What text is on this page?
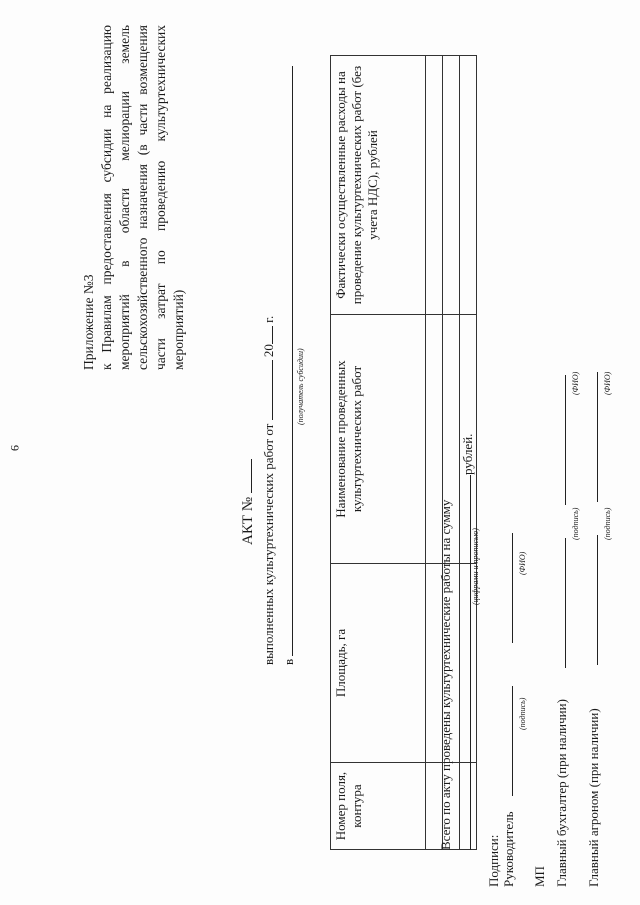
9
Приложение №3 к Правилам предоставления субсидии на реализацию мероприятий в области мелиорации земель сельскохозяйственного назначения (в части возмещения части затрат по проведению культуртехнических мероприятий)
АКТ № выполненных культуртехнических работ от  20 г.
в
(получатель субсидии)
Номер поля, контура	Площадь, га	Наименование проведенных культуртехнических работ	Фактически осуществленные расходы на проведение культуртехнических работ (без учета НДС), рублей

Всего по акту проведены культуртехнические работы на сумму
рублей.
(цифрами и прописью)
Подписи: Руководитель
(подпись)
(ФИО)
МП Главный бухгалтер (при наличии)
(подпись)
(ФИО)
Главный агроном (при наличии)
(подпись)
(ФИО)
